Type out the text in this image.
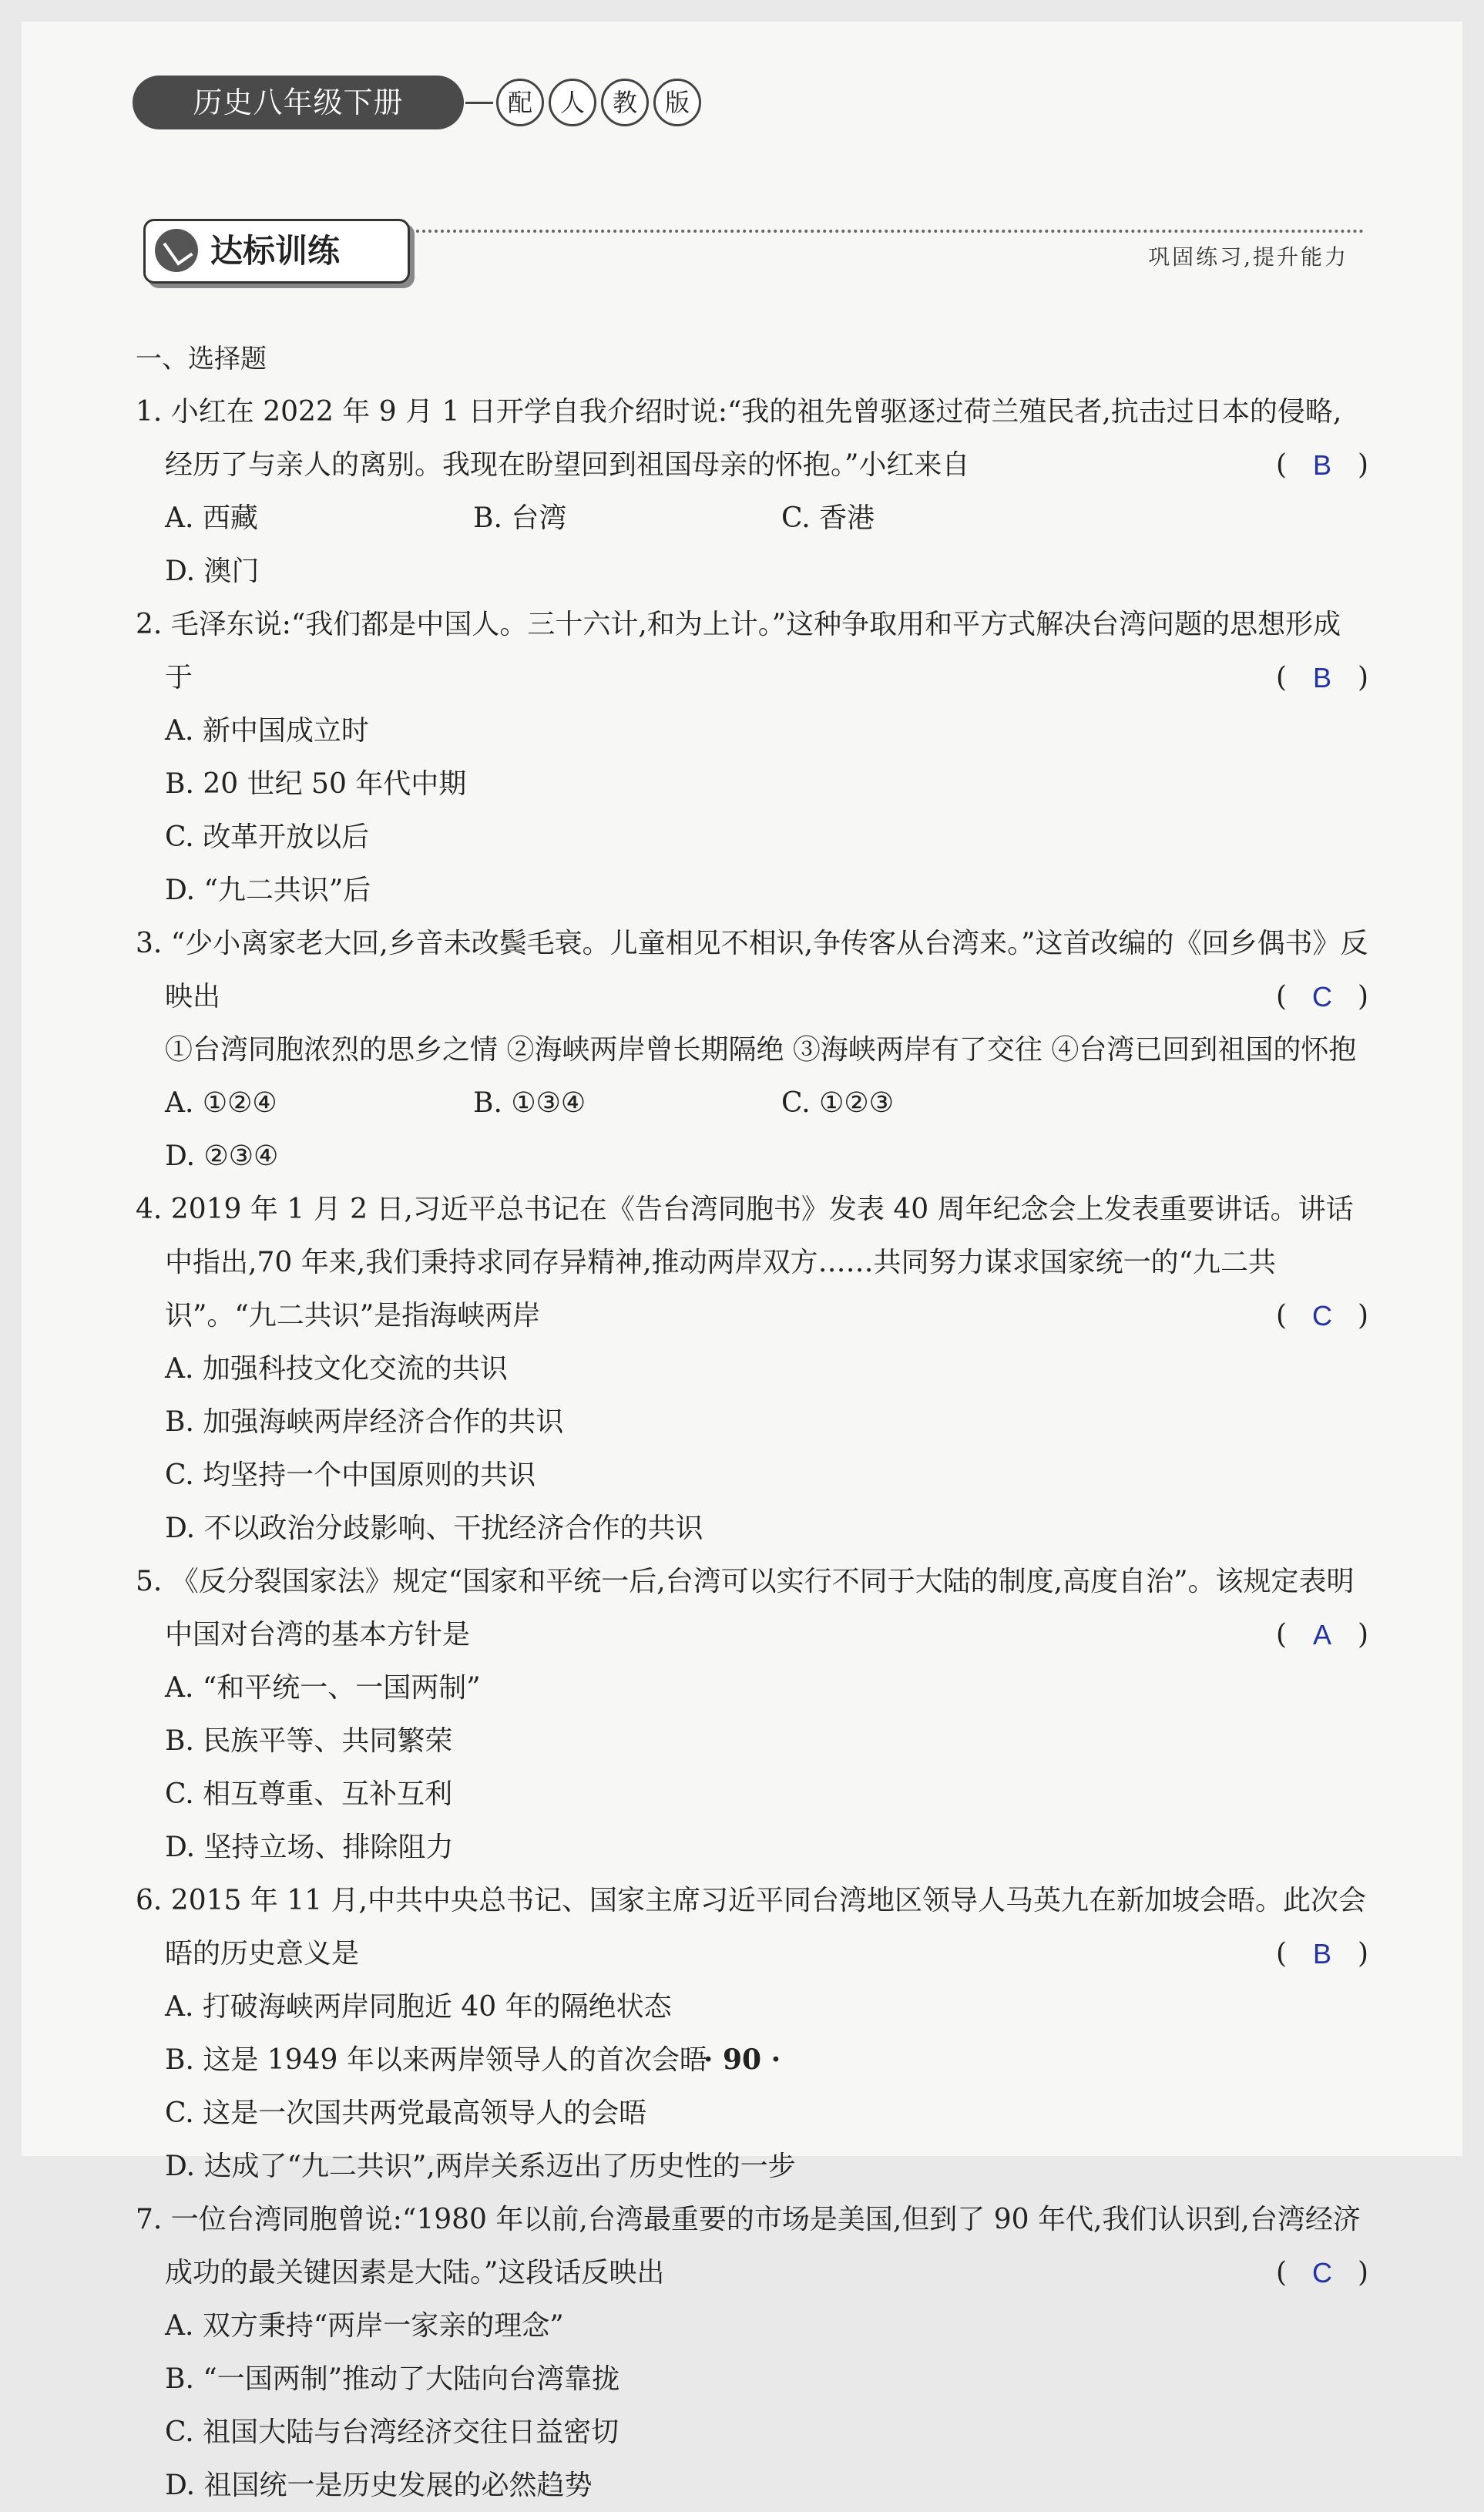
历史八年级下册	配	人	教	版
达标训练	巩固练习,提升能力
一、选择题
1. 小红在 2022 年 9 月 1 日开学自我介绍时说:“我的祖先曾驱逐过荷兰殖民者,抗击过日本的侵略,经历了与亲人的离别。我现在盼望回到祖国母亲的怀抱。”小红来自	( B )
A. 西藏	B. 台湾	C. 香港
D. 澳门
2. 毛泽东说:“我们都是中国人。三十六计,和为上计。”这种争取用和平方式解决台湾问题的思想形成于	( B )
A. 新中国成立时
B. 20 世纪 50 年代中期
C. 改革开放以后
D. “九二共识”后
3. “少小离家老大回,乡音未改鬓毛衰。儿童相见不相识,争传客从台湾来。”这首改编的《回乡偶书》反映出	( C )
①台湾同胞浓烈的思乡之情 ②海峡两岸曾长期隔绝 ③海峡两岸有了交往 ④台湾已回到祖国的怀抱
A. ①②④	B. ①③④	C. ①②③
D. ②③④
4. 2019 年 1 月 2 日,习近平总书记在《告台湾同胞书》发表 40 周年纪念会上发表重要讲话。讲话中指出,70 年来,我们秉持求同存异精神,推动两岸双方……共同努力谋求国家统一的“九二共识”。“九二共识”是指海峡两岸	( C )
A. 加强科技文化交流的共识
B. 加强海峡两岸经济合作的共识
C. 均坚持一个中国原则的共识
D. 不以政治分歧影响、干扰经济合作的共识
5. 《反分裂国家法》规定“国家和平统一后,台湾可以实行不同于大陆的制度,高度自治”。该规定表明中国对台湾的基本方针是	( A )
A. “和平统一、一国两制”
B. 民族平等、共同繁荣
C. 相互尊重、互补互利
D. 坚持立场、排除阻力
6. 2015 年 11 月,中共中央总书记、国家主席习近平同台湾地区领导人马英九在新加坡会晤。此次会晤的历史意义是	( B )
A. 打破海峡两岸同胞近 40 年的隔绝状态
B. 这是 1949 年以来两岸领导人的首次会晤
C. 这是一次国共两党最高领导人的会晤
D. 达成了“九二共识”,两岸关系迈出了历史性的一步
7. 一位台湾同胞曾说:“1980 年以前,台湾最重要的市场是美国,但到了 90 年代,我们认识到,台湾经济成功的最关键因素是大陆。”这段话反映出	( C )
A. 双方秉持“两岸一家亲的理念”
B. “一国两制”推动了大陆向台湾靠拢
C. 祖国大陆与台湾经济交往日益密切
D. 祖国统一是历史发展的必然趋势
· 90 ·
